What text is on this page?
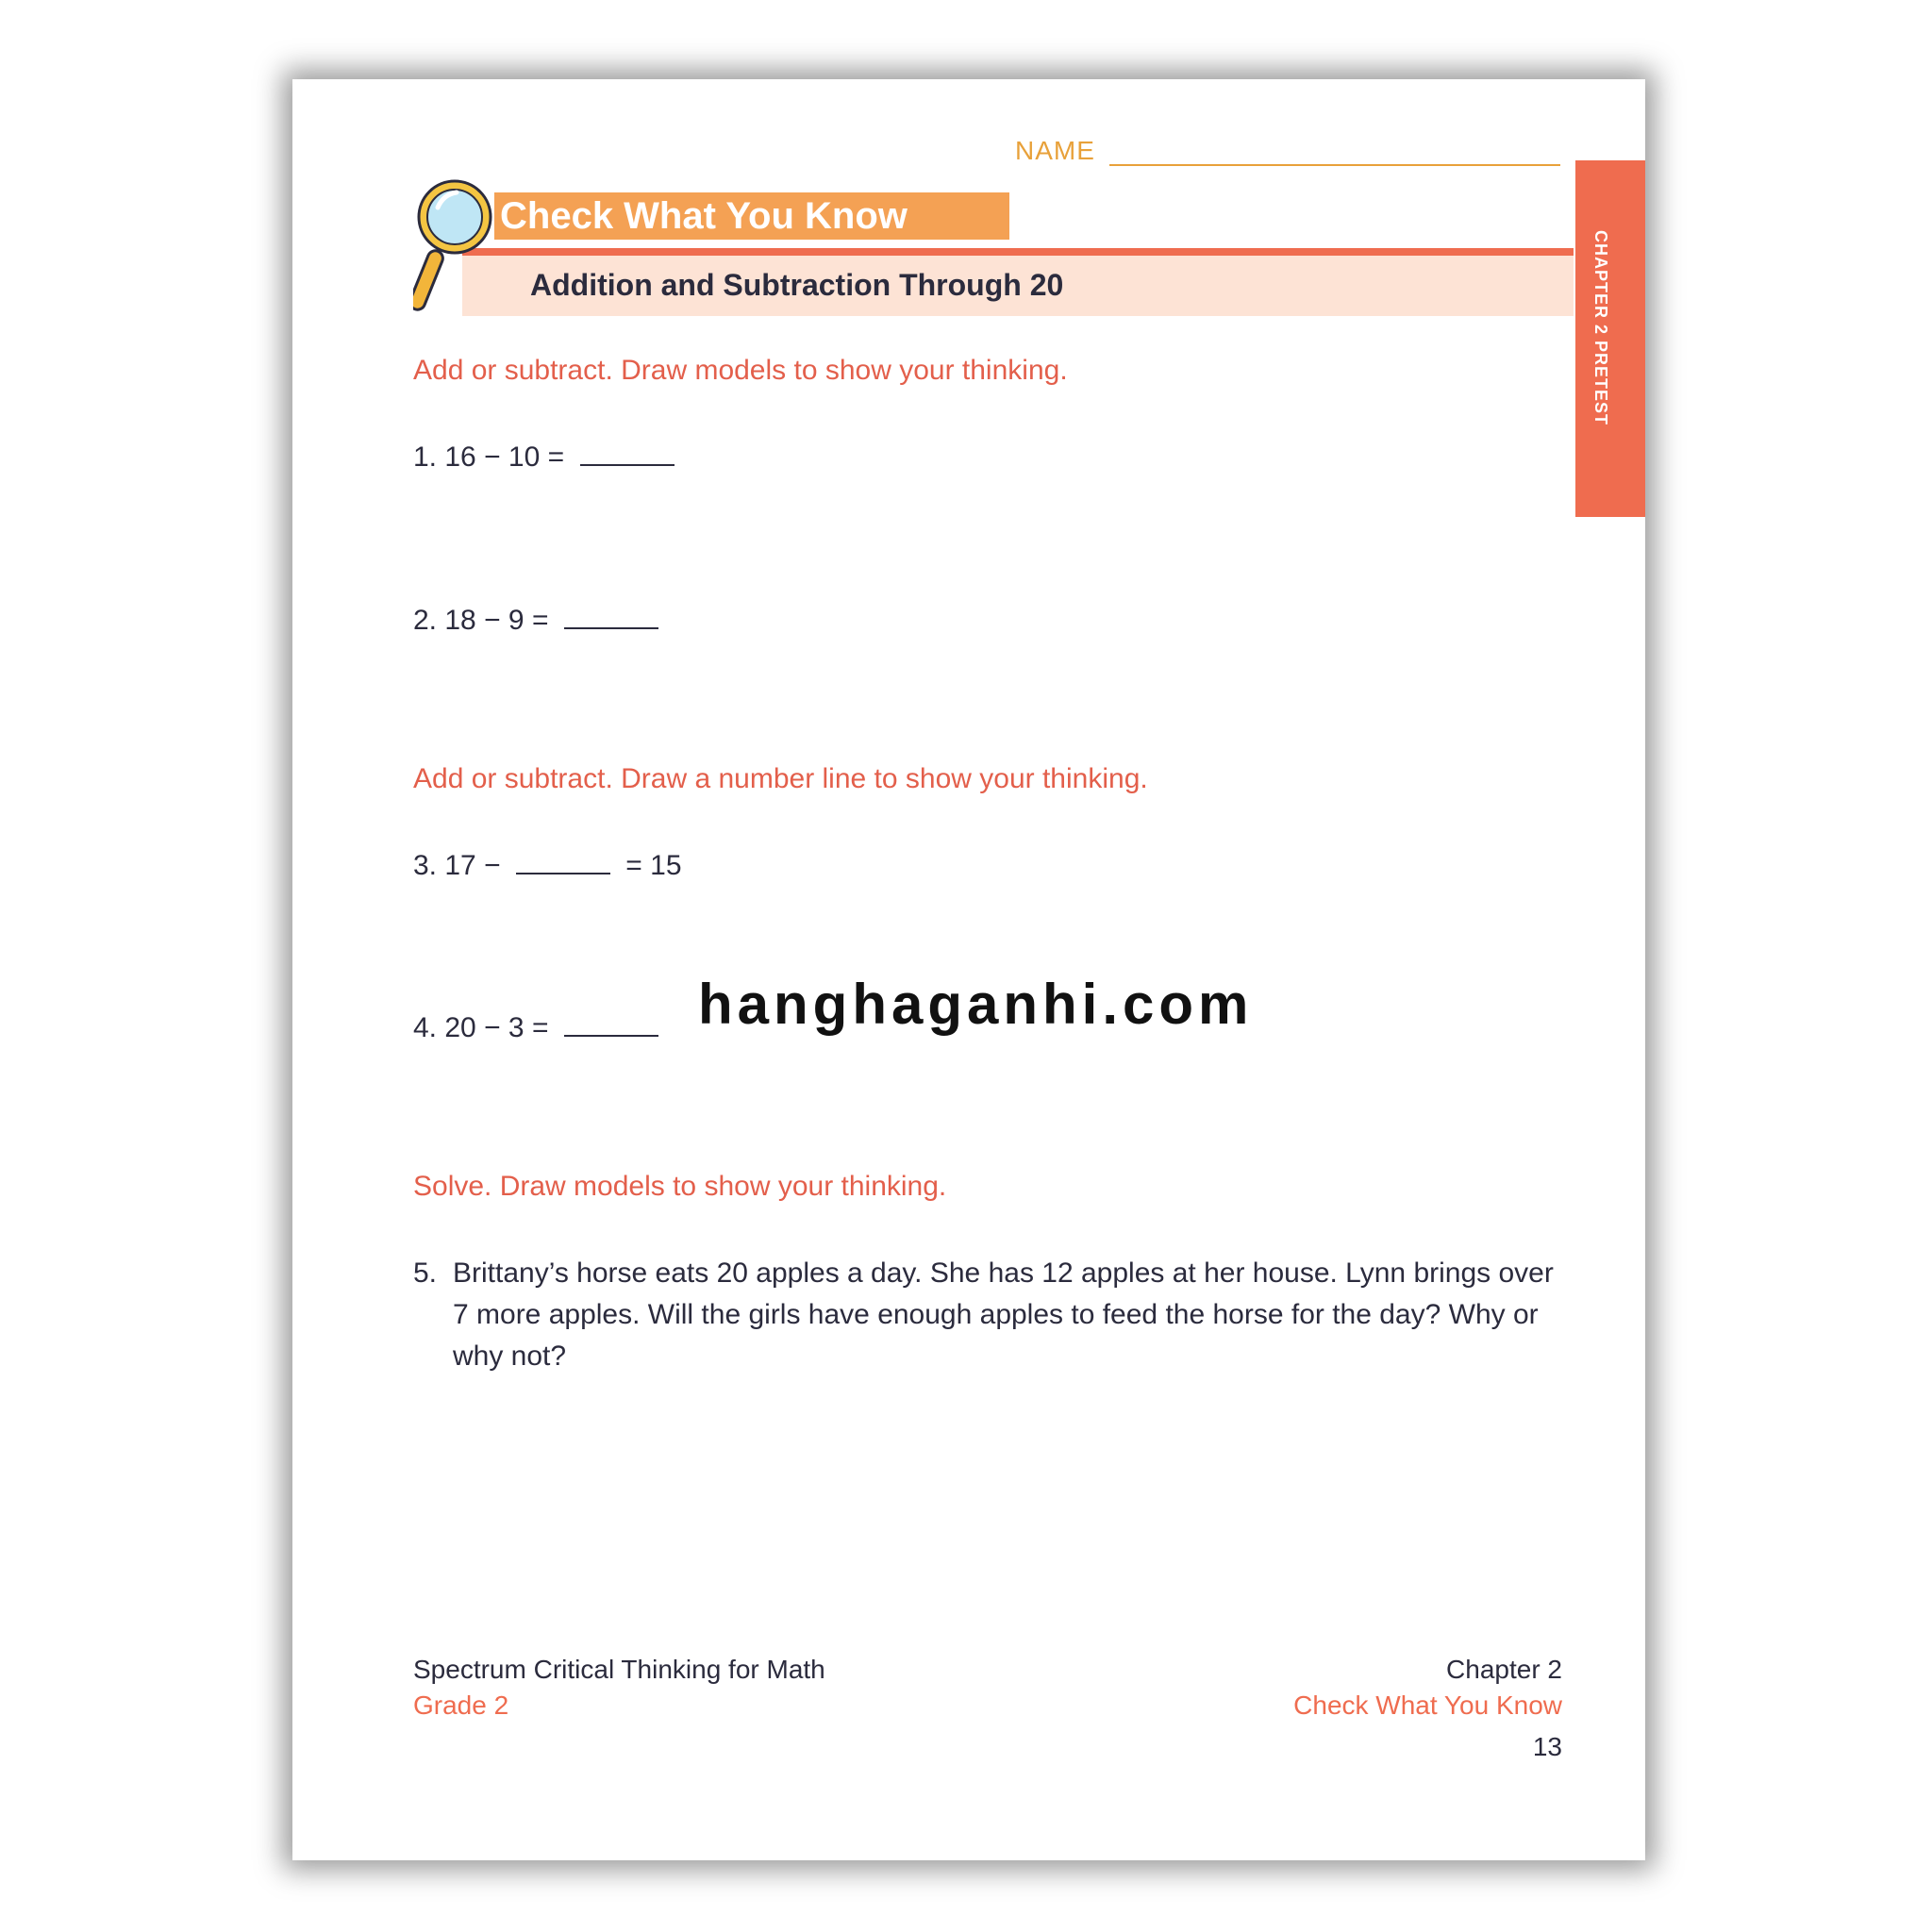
NAME
CHAPTER 2 PRETEST
Addition and Subtraction Through 20
Check What You Know
Add or subtract. Draw models to show your thinking.
1. 16 − 10 =
2. 18 − 9 =
Add or subtract. Draw a number line to show your thinking.
3. 17 −	= 15
4. 20 − 3 =	hanghaganhi.com
Solve. Draw models to show your thinking.
5. Brittany’s horse eats 20 apples a day. She has 12 apples at her house. Lynn brings over 7 more apples. Will the girls have enough apples to feed the horse for the day? Why or why not?
Spectrum Critical Thinking for Math
Grade 2
Chapter 2
Check What You Know
13
